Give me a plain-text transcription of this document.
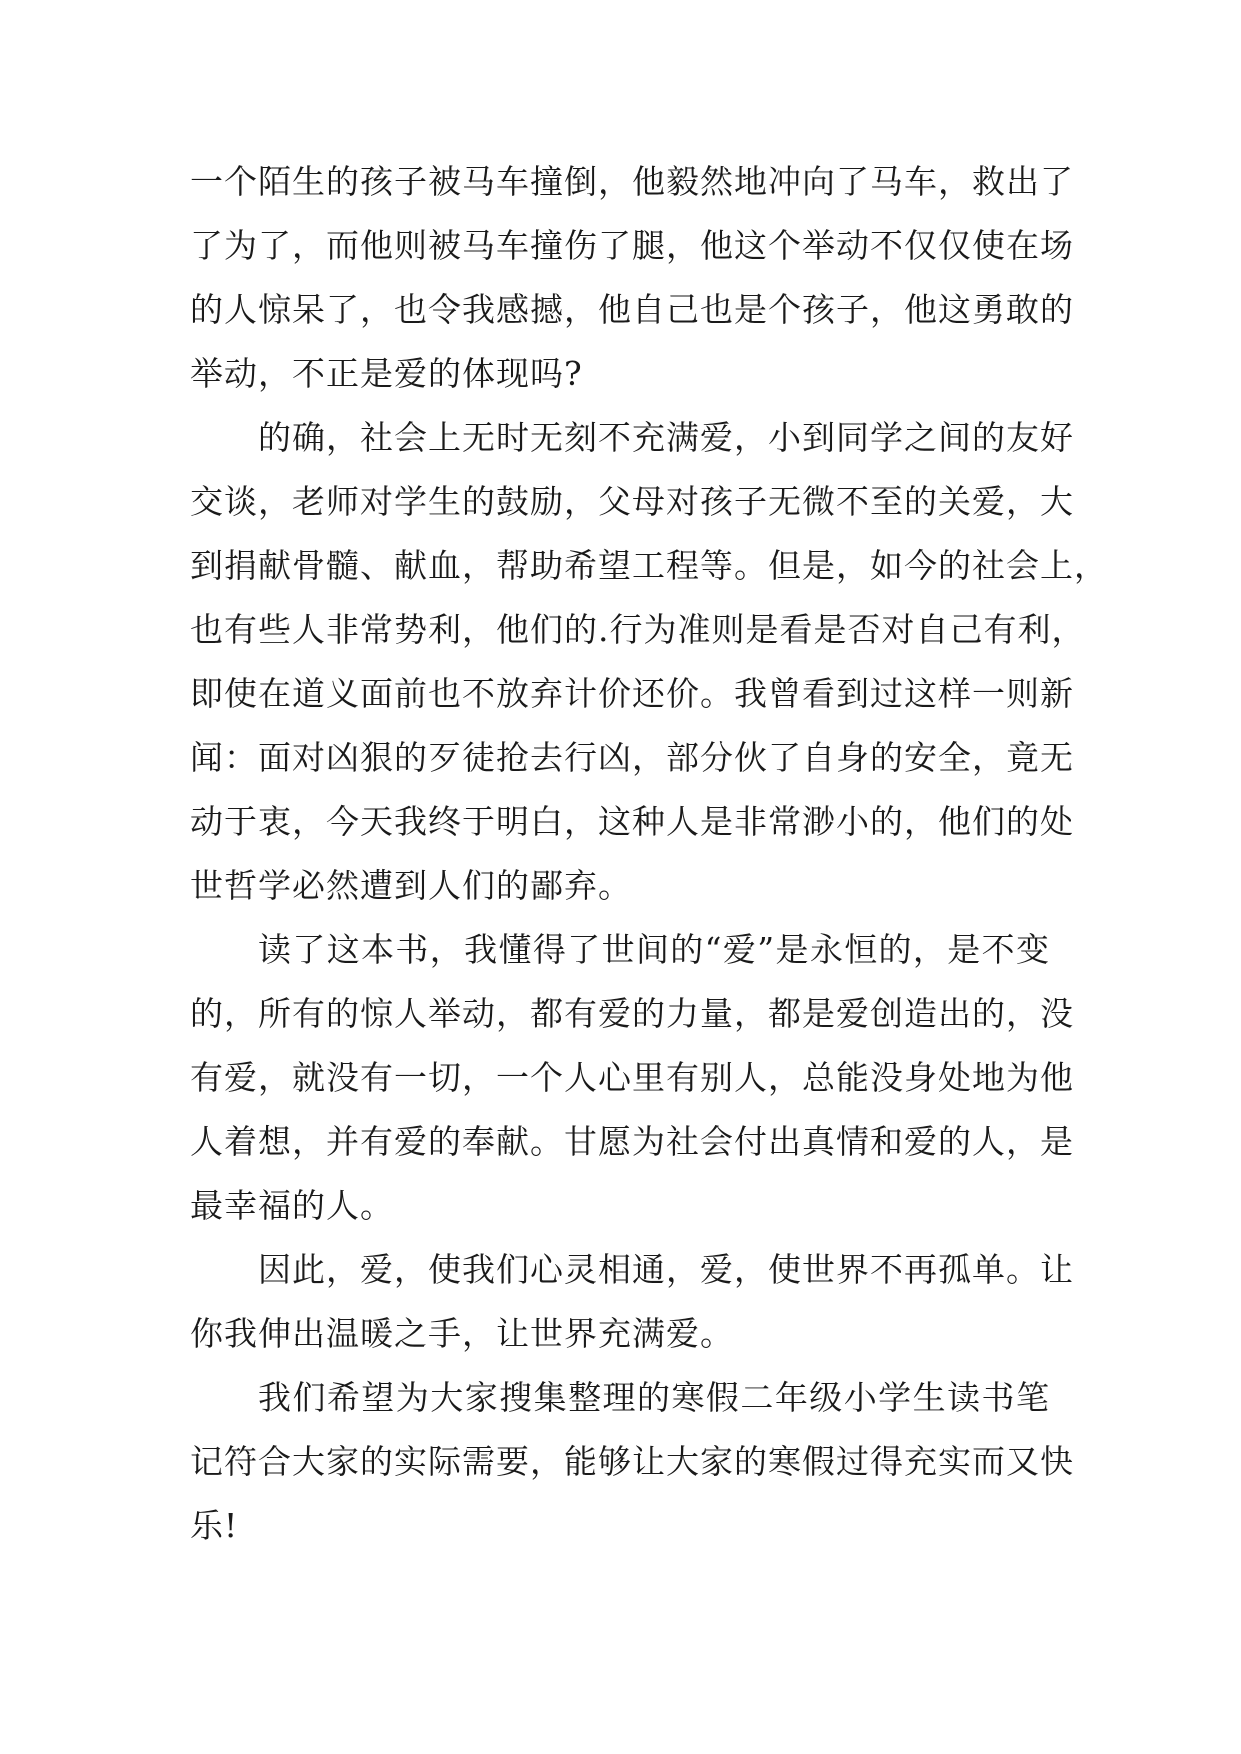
一个陌生的孩子被马车撞倒，他毅然地冲向了马车，救出了
了为了，而他则被马车撞伤了腿，他这个举动不仅仅使在场
的人惊呆了，也令我感撼，他自己也是个孩子，他这勇敢的
举动，不正是爱的体现吗?
的确，社会上无时无刻不充满爱，小到同学之间的友好
交谈，老师对学生的鼓励，父母对孩子无微不至的关爱，大
到捐献骨髓、献血，帮助希望工程等。但是，如今的社会上，
也有些人非常势利，他们的.行为准则是看是否对自己有利，
即使在道义面前也不放弃计价还价。我曾看到过这样一则新
闻：面对凶狠的歹徒抢去行凶，部分伙了自身的安全，竟无
动于衷，今天我终于明白，这种人是非常渺小的，他们的处
世哲学必然遭到人们的鄙弃。
读了这本书，我懂得了世间的“爱”是永恒的，是不变
的，所有的惊人举动，都有爱的力量，都是爱创造出的，没
有爱，就没有一切，一个人心里有别人，总能没身处地为他
人着想，并有爱的奉献。甘愿为社会付出真情和爱的人，是
最幸福的人。
因此，爱，使我们心灵相通，爱，使世界不再孤单。让
你我伸出温暖之手，让世界充满爱。
我们希望为大家搜集整理的寒假二年级小学生读书笔
记符合大家的实际需要，能够让大家的寒假过得充实而又快
乐!
